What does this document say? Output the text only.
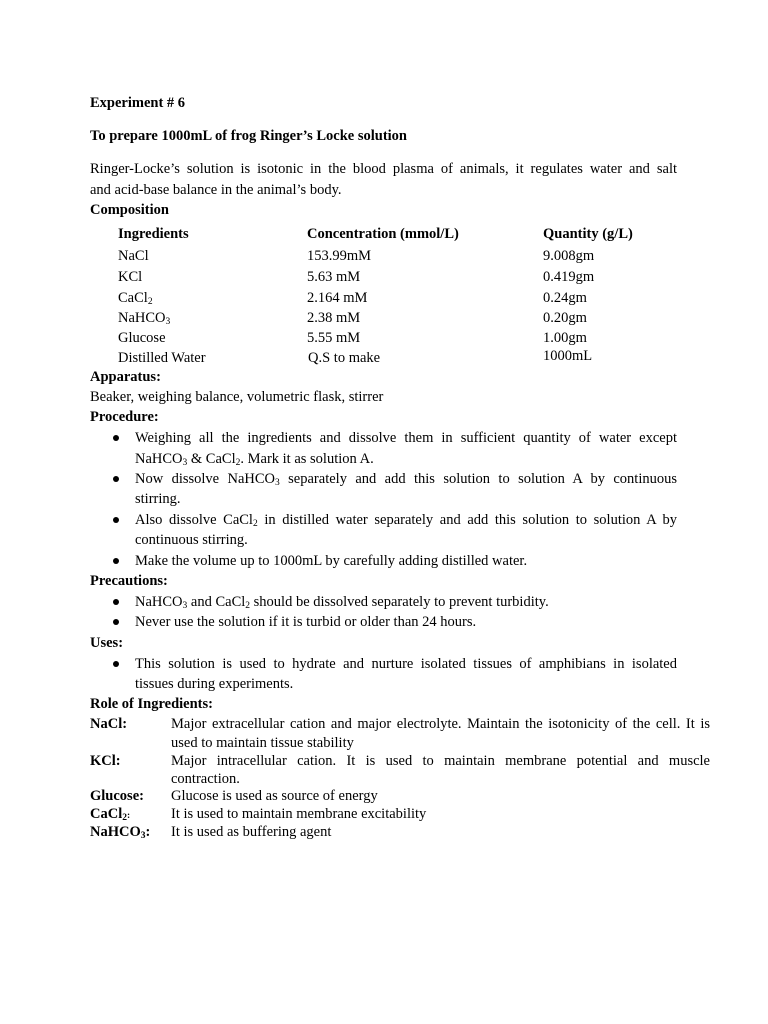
Experiment # 6
To prepare 1000mL of frog Ringer’s Locke solution
Ringer-Locke’s solution is isotonic in the blood plasma of animals, it regulates water and salt
and acid-base balance in the animal’s body.
Composition
Ingredients	Concentration (mmol/L)	Quantity (g/L)
NaCl	153.99mM	9.008gm
KCl	5.63 mM	0.419gm
CaCl$_2$	2.164 mM	0.24gm
NaHCO$_3$	2.38 mM	0.20gm
Glucose	5.55 mM	1.00gm
Distilled Water	Q.S to make	1000mL
Apparatus:
Beaker, weighing balance, volumetric flask, stirrer
Procedure:
Weighing all the ingredients and dissolve them in sufficient quantity of water except
NaHCO$_3$ & CaCl$_2$. Mark it as solution A.
Now dissolve NaHCO$_3$ separately and add this solution to solution A by continuous
stirring.
Also dissolve CaCl$_2$ in distilled water separately and add this solution to solution A by
continuous stirring.
Make the volume up to 1000mL by carefully adding distilled water.
Precautions:
NaHCO$_3$ and CaCl$_2$ should be dissolved separately to prevent turbidity.
Never use the solution if it is turbid or older than 24 hours.
Uses:
This solution is used to hydrate and nurture isolated tissues of amphibians in isolated
tissues during experiments.
Role of Ingredients:
NaCl:	Major extracellular cation and major electrolyte. Maintain the isotonicity of the cell. It is
used to maintain tissue stability
KCl:	Major intracellular cation. It is used to maintain membrane potential and muscle
contraction.
Glucose: Glucose is used as source of energy
CaCl$_2$:	It is used to maintain membrane excitability
NaHCO$_3$: It is used as buffering agent
